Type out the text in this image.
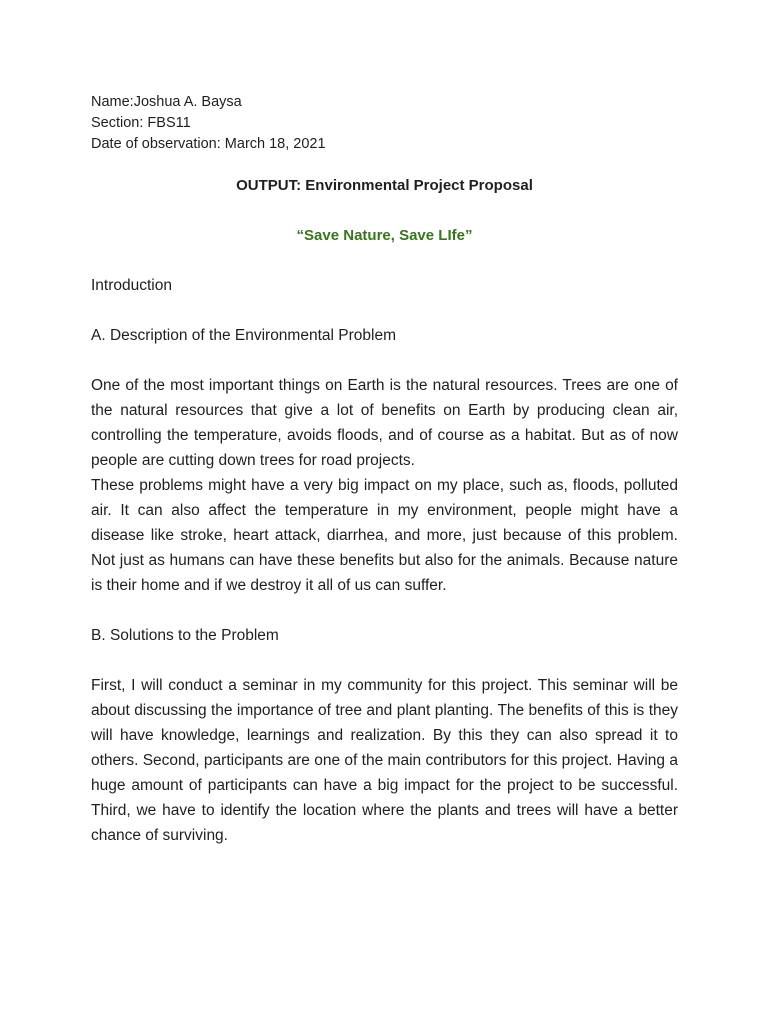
Name:Joshua A. Baysa

Section: FBS11

Date of observation: March 18, 2021

OUTPUT: Environmental Project Proposal

“Save Nature, Save LIfe”

Introduction

A. Description of the Environmental Problem

One of the most important things on Earth is the natural resources. Trees are one of the natural resources that give a lot of benefits on Earth by producing clean air, controlling the temperature, avoids floods, and of course as a habitat. But as of now people are cutting down trees for road projects.

These problems might have a very big impact on my place, such as, floods, polluted air. It can also affect the temperature in my environment, people might have a disease like stroke, heart attack, diarrhea, and more, just because of this problem. Not just as humans can have these benefits but also for the animals. Because nature is their home and if we destroy it all of us can suffer.

B. Solutions to the Problem

First, I will conduct a seminar in my community for this project. This seminar will be about discussing the importance of tree and plant planting. The benefits of this is they will have knowledge, learnings and realization. By this they can also spread it to others. Second, participants are one of the main contributors for this project. Having a huge amount of participants can have a big impact for the project to be successful. Third, we have to identify the location where the plants and trees will have a better chance of surviving.
